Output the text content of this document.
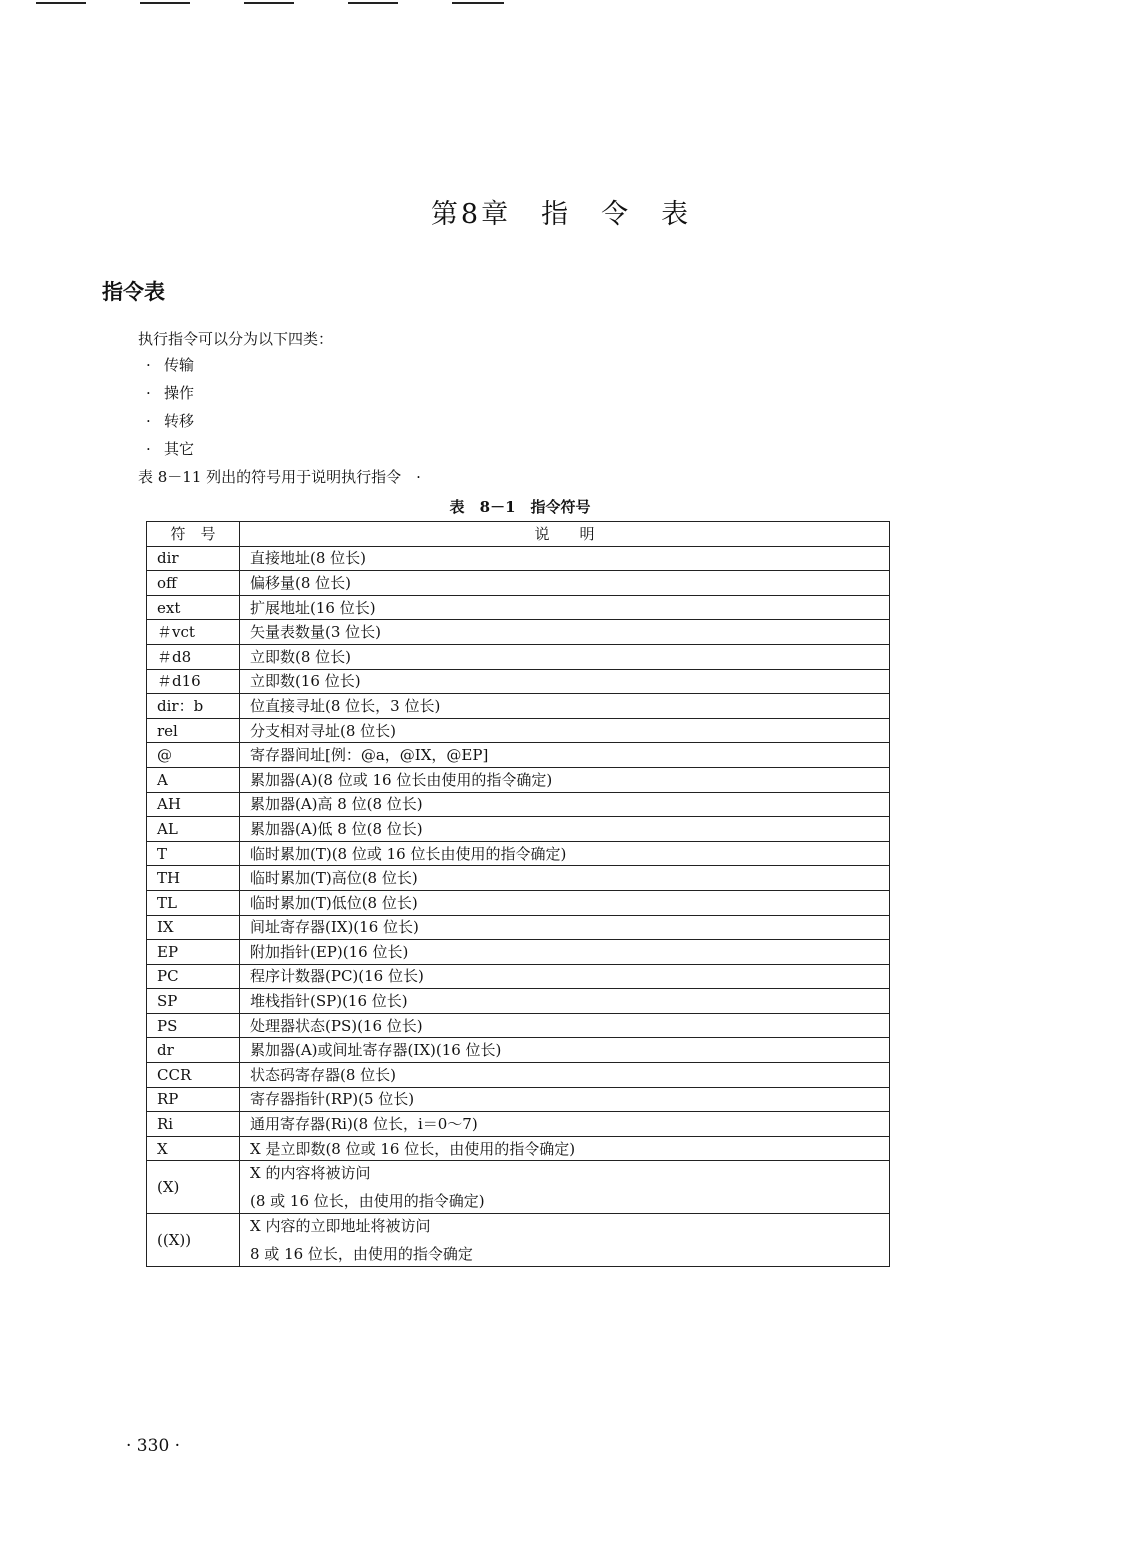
第8章　指　令　表
指令表
执行指令可以分为以下四类：
· 传输
· 操作
· 转移
· 其它
表 8－11 列出的符号用于说明执行指令　·
表 8－1　指令符号
符　号	说　　明
dir	直接地址(8 位长)
off	偏移量(8 位长)
ext	扩展地址(16 位长)
＃vct	矢量表数量(3 位长)
＃d8	立即数(8 位长)
＃d16	立即数(16 位长)
dir：b	位直接寻址(8 位长，3 位长)
rel	分支相对寻址(8 位长)
@	寄存器间址[例：@a，@IX，@EP]
A	累加器(A)(8 位或 16 位长由使用的指令确定)
AH	累加器(A)高 8 位(8 位长)
AL	累加器(A)低 8 位(8 位长)
T	临时累加(T)(8 位或 16 位长由使用的指令确定)
TH	临时累加(T)高位(8 位长)
TL	临时累加(T)低位(8 位长)
IX	间址寄存器(IX)(16 位长)
EP	附加指针(EP)(16 位长)
PC	程序计数器(PC)(16 位长)
SP	堆栈指针(SP)(16 位长)
PS	处理器状态(PS)(16 位长)
dr	累加器(A)或间址寄存器(IX)(16 位长)
CCR	状态码寄存器(8 位长)
RP	寄存器指针(RP)(5 位长)
Ri	通用寄存器(Ri)(8 位长，i＝0～7)
X	X 是立即数(8 位或 16 位长，由使用的指令确定)
(X)	X 的内容将被访问
(8 或 16 位长，由使用的指令确定)

((X))	X 内容的立即地址将被访问
8 或 16 位长，由使用的指令确定
· 330 ·
